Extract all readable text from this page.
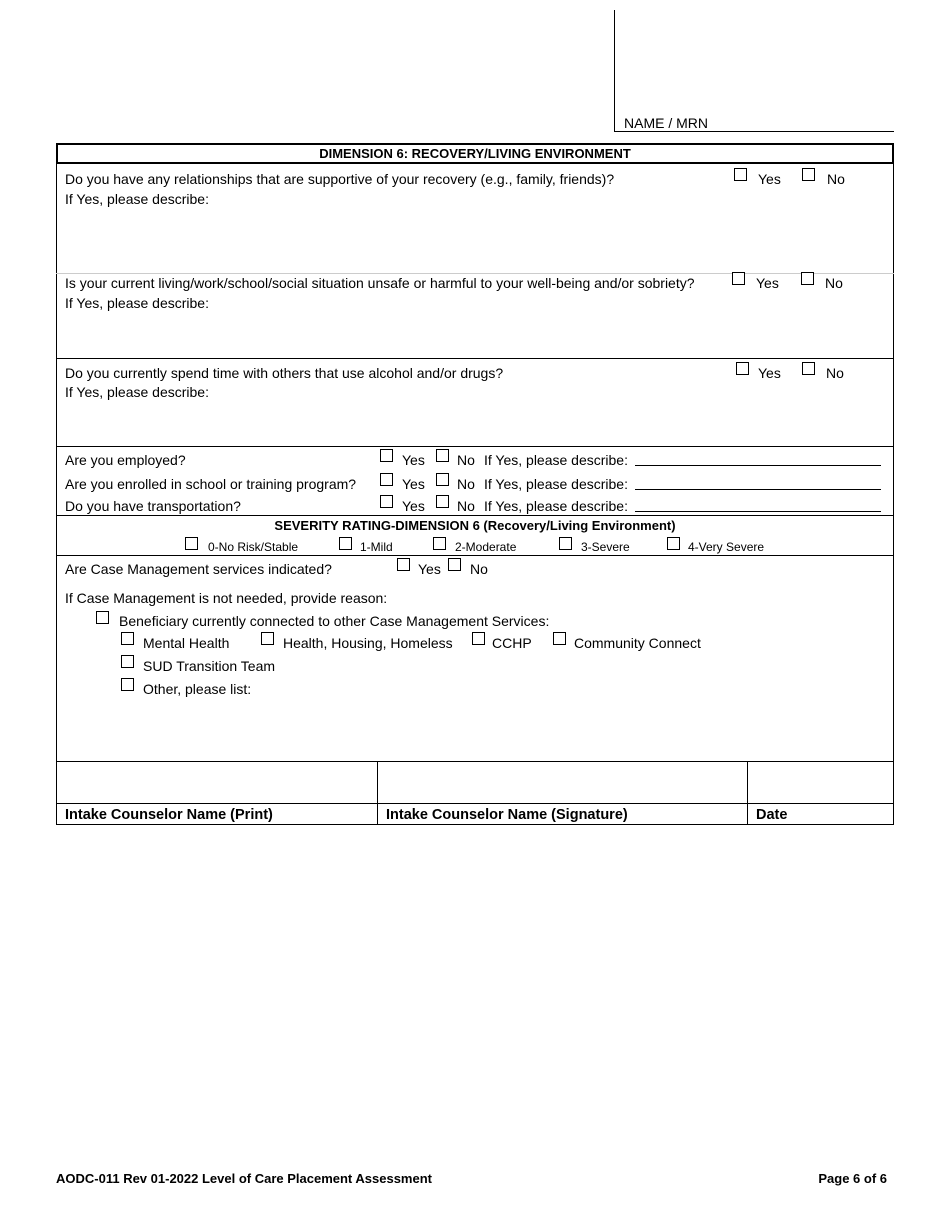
NAME / MRN
DIMENSION 6: RECOVERY/LIVING ENVIRONMENT
Do you have any relationships that are supportive of your recovery (e.g., family, friends)?	Yes	No
If Yes, please describe:
Is your current living/work/school/social situation unsafe or harmful to your well-being and/or sobriety?	Yes	No
If Yes, please describe:
Do you currently spend time with others that use alcohol and/or drugs?	Yes	No
If Yes, please describe:
Are you employed?	Yes No If Yes, please describe:
Are you enrolled in school or training program?	Yes No If Yes, please describe:
Do you have transportation?	Yes No If Yes, please describe:
SEVERITY RATING-DIMENSION 6 (Recovery/Living Environment)
0-No Risk/Stable	1-Mild	2-Moderate	3-Severe	4-Very Severe
Are Case Management services indicated?	Yes No
If Case Management is not needed, provide reason:
Beneficiary currently connected to other Case Management Services:
Mental Health	Health, Housing, Homeless	CCHP	Community Connect
SUD Transition Team
Other, please list:
Intake Counselor Name (Print)	Intake Counselor Name (Signature)	Date
AODC-011 Rev 01-2022 Level of Care Placement Assessment	Page 6 of 6
